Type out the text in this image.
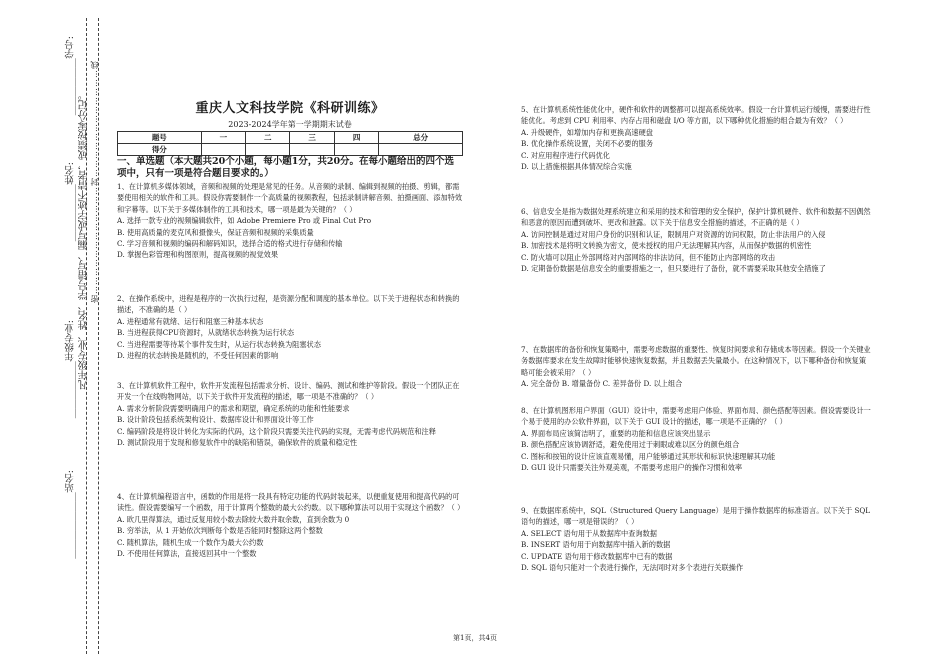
____________学号:
____________姓名:
____________年级专业:
______________站名:
凡年级专业、姓名、学号错写、漏写或字迹不清者，成绩按零分记。 密………………………………封………………………………线	重庆人文科技学院《科研训练》
2023-2024学年第一学期期末试卷
题号	一	二	三	四	总分
得分					
一、单选题（本大题共20个小题，每小题1分，共20分。在每小题给出的四个选项中，只有一项是符合题目要求的。）

1、在计算机多媒体领域，音频和视频的处理是常见的任务。从音频的录制、编辑到视频的拍摄、剪辑，都需要使用相关的软件和工具。假设你需要制作一个高质量的视频教程，包括录制讲解音频、拍摄画面、添加特效和字幕等。以下关于多媒体制作的工具和技术，哪一项是最为关键的？（ ）

A. 选择一款专业的视频编辑软件，如 Adobe Premiere Pro 或 Final Cut Pro

B. 使用高质量的麦克风和摄像头，保证音频和视频的采集质量

C. 学习音频和视频的编码和解码知识，选择合适的格式进行存储和传输

D. 掌握色彩管理和构图原则，提高视频的视觉效果

2、在操作系统中，进程是程序的一次执行过程，是资源分配和调度的基本单位。以下关于进程状态和转换的描述，不准确的是（ ）

A. 进程通常有就绪、运行和阻塞三种基本状态

B. 当进程获得CPU资源时，从就绪状态转换为运行状态

C. 当进程需要等待某个事件发生时，从运行状态转换为阻塞状态

D. 进程的状态转换是随机的，不受任何因素的影响

3、在计算机软件工程中，软件开发流程包括需求分析、设计、编码、测试和维护等阶段。假设一个团队正在开发一个在线购物网站，以下关于软件开发流程的描述，哪一项是不准确的？（ ）

A. 需求分析阶段需要明确用户的需求和期望，确定系统的功能和性能要求

B. 设计阶段包括系统架构设计、数据库设计和界面设计等工作

C. 编码阶段是将设计转化为实际的代码，这个阶段只需要关注代码的实现，无需考虑代码规范和注释

D. 测试阶段用于发现和修复软件中的缺陷和错误，确保软件的质量和稳定性

4、在计算机编程语言中，函数的作用是将一段具有特定功能的代码封装起来，以便重复使用和提高代码的可读性。假设需要编写一个函数，用于计算两个整数的最大公约数。以下哪种算法可以用于实现这个函数？（ ）

A. 欧几里得算法，通过反复用较小数去除较大数并取余数，直到余数为 0

B. 穷举法，从 1 开始依次判断每个数是否能同时整除这两个整数

C. 随机算法，随机生成一个数作为最大公约数

D. 不使用任何算法，直接返回其中一个整数

5、在计算机系统性能优化中，硬件和软件的调整都可以提高系统效率。假设一台计算机运行缓慢，需要进行性能优化。考虑到 CPU 利用率、内存占用和磁盘 I/O 等方面，以下哪种优化措施的组合最为有效？（ ）

A. 升级硬件，如增加内存和更换高速硬盘

B. 优化操作系统设置，关闭不必要的服务

C. 对应用程序进行代码优化

D. 以上措施根据具体情况综合实施

6、信息安全是指为数据处理系统建立和采用的技术和管理的安全保护，保护计算机硬件、软件和数据不因偶然和恶意的原因而遭到破坏、更改和泄露。以下关于信息安全措施的描述，不正确的是（ ）

A. 访问控制是通过对用户身份的识别和认证，限制用户对资源的访问权限，防止非法用户的入侵

B. 加密技术是将明文转换为密文，使未授权的用户无法理解其内容，从而保护数据的机密性

C. 防火墙可以阻止外部网络对内部网络的非法访问，但不能防止内部网络的攻击

D. 定期备份数据是信息安全的重要措施之一，但只要进行了备份，就不需要采取其他安全措施了

7、在数据库的备份和恢复策略中，需要考虑数据的重要性、恢复时间要求和存储成本等因素。假设一个关键业务数据库要求在发生故障时能够快速恢复数据，并且数据丢失量最小。在这种情况下，以下哪种备份和恢复策略可能会被采用？（ ）

A. 完全备份 B. 增量备份 C. 差异备份 D. 以上组合

8、在计算机图形用户界面（GUI）设计中，需要考虑用户体验、界面布局、颜色搭配等因素。假设需要设计一个易于使用的办公软件界面，以下关于 GUI 设计的描述，哪一项是不正确的？（ ）

A. 界面布局应该简洁明了，重要的功能和信息应该突出显示

B. 颜色搭配应该协调舒适，避免使用过于刺眼或难以区分的颜色组合

C. 图标和按钮的设计应该直观易懂，用户能够通过其形状和标识快速理解其功能

D. GUI 设计只需要关注外观美观，不需要考虑用户的操作习惯和效率

9、在数据库系统中，SQL（Structured Query Language）是用于操作数据库的标准语言。以下关于 SQL 语句的描述，哪一项是错误的？（ ）

A. SELECT 语句用于从数据库中查询数据

B. INSERT 语句用于向数据库中插入新的数据

C. UPDATE 语句用于修改数据库中已有的数据

D. SQL 语句只能对一个表进行操作，无法同时对多个表进行关联操作

第1页，共4页
